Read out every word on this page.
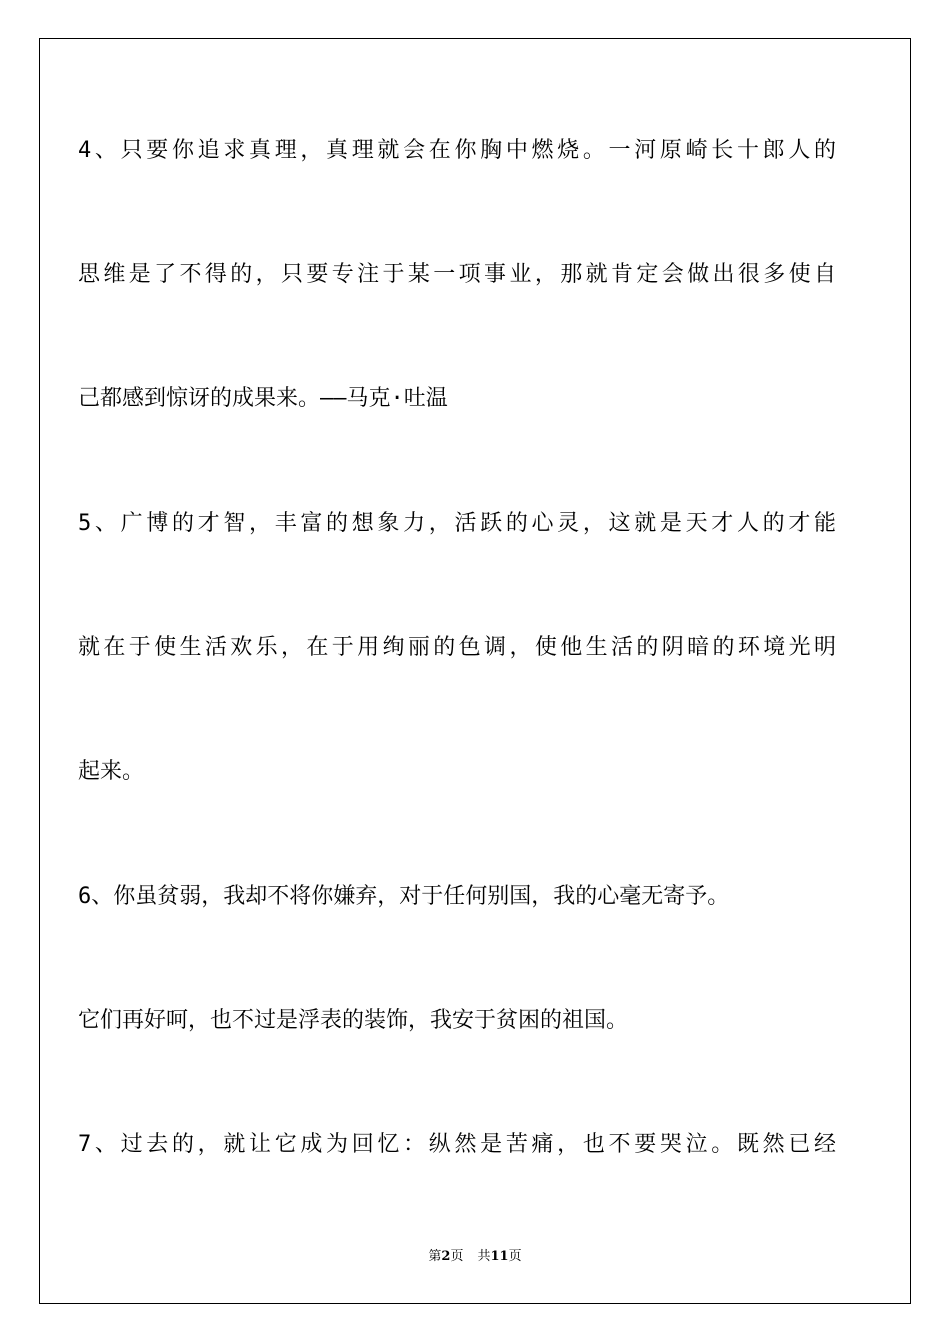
4、只要你追求真理，真理就会在你胸中燃烧。一河原崎长十郎人的
思维是了不得的，只要专注于某一项事业，那就肯定会做出很多使自
己都感到惊讶的成果来。——马克·吐温
5、广博的才智，丰富的想象力，活跃的心灵，这就是天才人的才能
就在于使生活欢乐，在于用绚丽的色调，使他生活的阴暗的环境光明
起来。
6、你虽贫弱，我却不将你嫌弃，对于任何别国，我的心毫无寄予。
它们再好呵，也不过是浮表的装饰，我安于贫困的祖国。
7、过去的，就让它成为回忆：纵然是苦痛，也不要哭泣。既然已经
第2页 共11页
